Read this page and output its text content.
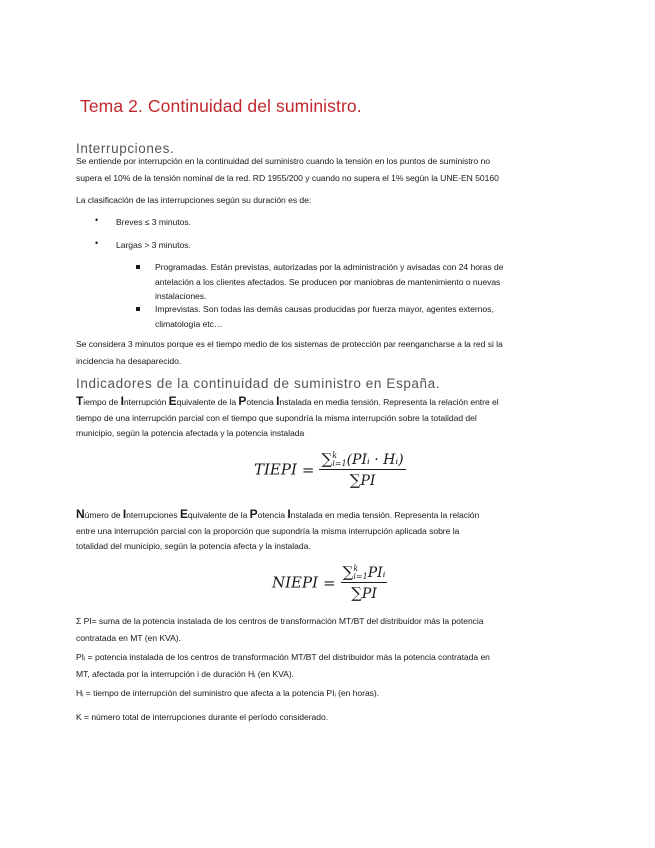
Tema 2. Continuidad del suministro.
Interrupciones.
Se entiende por interrupción en la continuidad del suministro cuando la tensión en los puntos de suministro no
supera el 10% de la tensión nominal de la red. RD 1955/200 y cuando no supera el 1% según la UNE-EN 50160
La clasificación de las interrupciones según su duración es de:
• Breves ≤ 3 minutos.
• Largas > 3 minutos.
Programadas. Están previstas, autorizadas por la administración y avisadas con 24 horas de
antelación a los clientes afectados. Se producen por maniobras de mantenimiento o nuevas
instalaciones.
Imprevistas. Son todas las demás causas producidas por fuerza mayor, agentes externos,
climatología etc…
Se considera 3 minutos porque es el tiempo medio de los sistemas de protección par reengancharse a la red si la
incidencia ha desaparecido.
Indicadores de la continuidad de suministro en España.
Tiempo de Interrupción Equivalente de la Potencia Instalada en media tensión. Representa la relación entre el
tiempo de una interrupción parcial con el tiempo que supondría la misma interrupción sobre la totalidad del
municipio, según la potencia afectada y la potencia instalada
TIEPI = ∑ k
i=1 (PIᵢ · Hᵢ)
∑PI
Número de Interrupciones Equivalente de la Potencia Instalada en media tensión. Representa la relación
entre una interrupción parcial con la proporción que supondría la misma interrupción aplicada sobre la
totalidad del municipio, según la potencia afecta y la instalada.
NIEPI = ∑ k
i=1 PIᵢ
∑PI
Σ PI= suma de la potencia instalada de los centros de transformación MT/BT del distribuidor más la potencia
contratada en MT (en KVA).
PIᵢ = potencia instalada de los centros de transformación MT/BT del distribuidor más la potencia contratada en
MT, afectada por la interrupción i de duración Hᵢ (en KVA).
Hᵢ = tiempo de interrupción del suministro que afecta a la potencia PIᵢ (en horas).
K = número total de interrupciones durante el período considerado.
